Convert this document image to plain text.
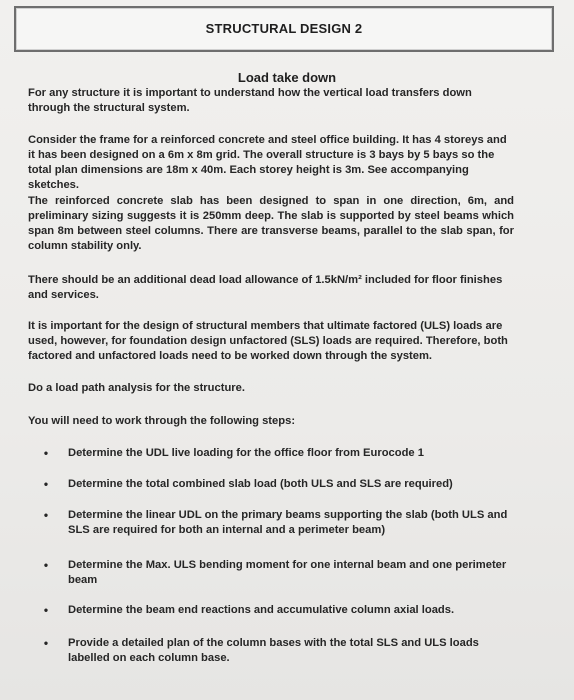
STRUCTURAL DESIGN 2
Load take down
For any structure it is important to understand how the vertical load transfers down through the structural system.
Consider the frame for a reinforced concrete and steel office building. It has 4 storeys and it has been designed on a 6m x 8m grid. The overall structure is 3 bays by 5 bays so the total plan dimensions are 18m x 40m. Each storey height is 3m. See accompanying sketches.
The reinforced concrete slab has been designed to span in one direction, 6m, and preliminary sizing suggests it is 250mm deep. The slab is supported by steel beams which span 8m between steel columns. There are transverse beams, parallel to the slab span, for column stability only.
There should be an additional dead load allowance of 1.5kN/m² included for floor finishes and services.
It is important for the design of structural members that ultimate factored (ULS) loads are used, however, for foundation design unfactored (SLS) loads are required. Therefore, both factored and unfactored loads need to be worked down through the system.
Do a load path analysis for the structure.
You will need to work through the following steps:
•	Determine the UDL live loading for the office floor from Eurocode 1
•	Determine the total combined slab load (both ULS and SLS are required)
•	Determine the linear UDL on the primary beams supporting the slab (both ULS and SLS are required for both an internal and a perimeter beam)
•	Determine the Max. ULS bending moment for one internal beam and one perimeter beam
•	Determine the beam end reactions and accumulative column axial loads.
•	Provide a detailed plan of the column bases with the total SLS and ULS loads labelled on each column base.
